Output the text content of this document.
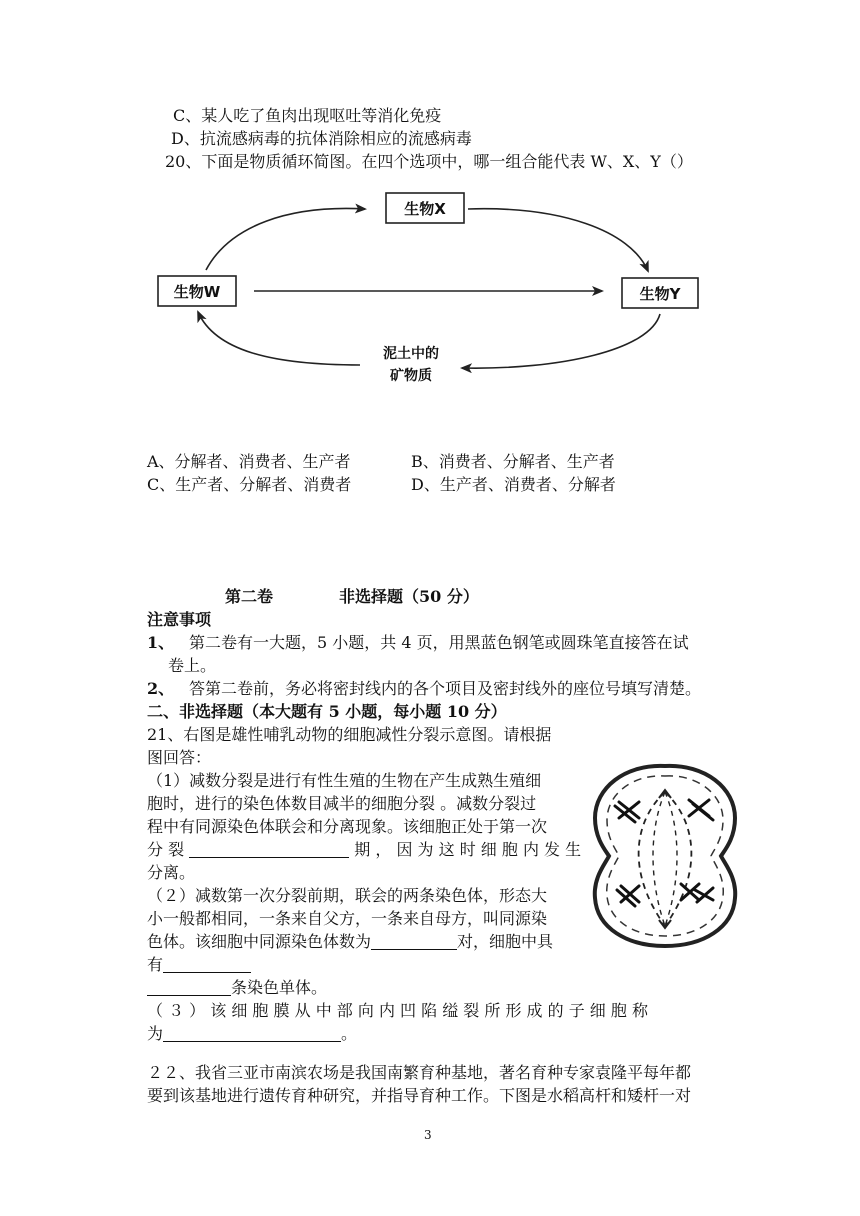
C、某人吃了鱼肉出现呕吐等消化免疫
D、抗流感病毒的抗体消除相应的流感病毒
20、下面是物质循环简图。在四个选项中，哪一组合能代表 W、X、Y（）
生物X
生物W	生物Y
泥土中的
矿物质
A、分解者、消费者、生产者	B、消费者、分解者、生产者
C、生产者、分解者、消费者	D、生产者、消费者、分解者
第二卷	非选择题（50 分）
注意事项
1、 第二卷有一大题，5 小题，共 4 页，用黑蓝色钢笔或圆珠笔直接答在试
卷上。
2、 答第二卷前，务必将密封线内的各个项目及密封线外的座位号填写清楚。
二、非选择题（本大题有 5 小题，每小题 10 分）
21、右图是雄性哺乳动物的细胞减性分裂示意图。请根据
图回答：
（1）减数分裂是进行有性生殖的生物在产生成熟生殖细
胞时，进行的染色体数目减半的细胞分裂 。减数分裂过
程中有同源染色体联会和分离现象。该细胞正处于第一次
分 裂	期 ， 因 为 这 时 细 胞 内 发 生
分离。
（２）减数第一次分裂前期，联会的两条染色体，形态大
小一般都相同，一条来自父方，一条来自母方，叫同源染
色体。该细胞中同源染色体数为	对，细胞中具
有
条染色单体。
（ ３ ） 该 细 胞 膜 从 中 部 向 内 凹 陷 缢 裂 所 形 成 的 子 细 胞 称
为	。
２２、我省三亚市南滨农场是我国南繁育种基地，著名育种专家袁隆平每年都
要到该基地进行遗传育种研究，并指导育种工作。下图是水稻高杆和矮杆一对
3
